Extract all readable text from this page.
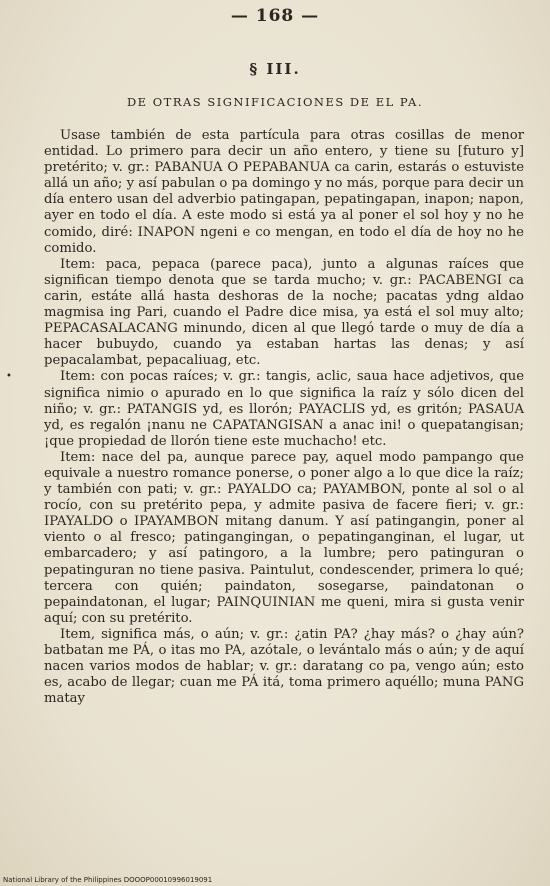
— 168 —
§ III.
DE OTRAS SIGNIFICACIONES DE EL PA.

Usase también de esta partícula para otras cosillas de menor entidad. Lo primero para decir un año entero, y tiene su [futuro y] pretérito; v. gr.: PABANUA O PEPABANUA ca carin, estarás o estuviste allá un año; y así pabulan o pa domingo y no más, porque para decir un día entero usan del adverbio patingapan, pepatingapan, inapon; napon, ayer en todo el día. A este modo si está ya al poner el sol hoy y no he comido, diré: INAPON ngeni e co mengan, en todo el día de hoy no he comido.

Item: paca, pepaca (parece paca), junto a algunas raíces que significan tiempo denota que se tarda mucho; v. gr.: PACABENGI ca carin, estáte allá hasta deshoras de la noche; pacatas ydng aldao magmisa ing Pari, cuando el Padre dice misa, ya está el sol muy alto; PEPACASALACANG minundo, dicen al que llegó tarde o muy de día a hacer bubuydo, cuando ya estaban hartas las denas; y así pepacalambat, pepacaliuag, etc.

Item: con pocas raíces; v. gr.: tangis, aclic, saua hace adjetivos, que significa nimio o apurado en lo que significa la raíz y sólo dicen del niño; v. gr.: PATANGIS yd, es llorón; PAYACLIS yd, es gritón; PASAUA yd, es regalón ¡nanu ne CAPATANGISAN a anac ini! o quepatangisan; ¡que propiedad de llorón tiene este muchacho! etc.

Item: nace del pa, aunque parece pay, aquel modo pampango que equivale a nuestro romance ponerse, o poner algo a lo que dice la raíz; y también con pati; v. gr.: PAYALDO ca; PAYAMBON, ponte al sol o al rocío, con su pretérito pepa, y admite pasiva de facere fieri; v. gr.: IPAYALDO o IPAYAMBON mitang danum. Y así patingangin, poner al viento o al fresco; patingangingan, o pepatinganginan, el lugar, ut embarcadero; y así patingoro, a la lumbre; pero patinguran o pepatinguran no tiene pasiva. Paintulut, condescender, primera lo qué; tercera con quién; paindaton, sosegarse, paindatonan o pepaindatonan, el lugar; PAINQUINIAN me queni, mira si gusta venir aquí; con su pretérito.

Item, significa más, o aún; v. gr.: ¿atin PA? ¿hay más? o ¿hay aún? batbatan me PÁ, o itas mo PA, azótale, o levántalo más o aún; y de aquí nacen varios modos de hablar; v. gr.: daratang co pa, vengo aún; esto es, acabo de llegar; cuan me PÁ itá, toma primero aquéllo; muna PANG matay

•
National Library of the Philippines DOOOP00010996019091
